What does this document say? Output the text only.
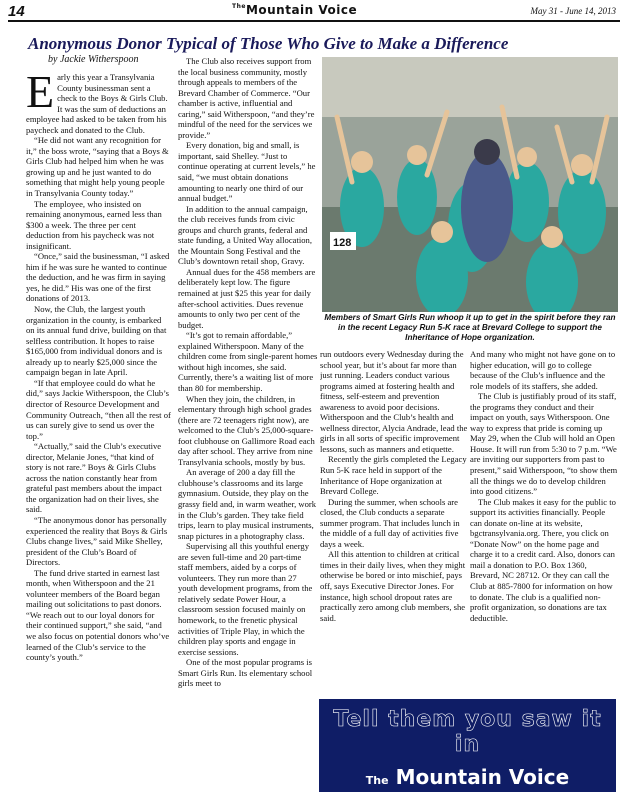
14	$^{The}$Mountain Voice	May 31 - June 14, 2013
Anonymous Donor Typical of Those Who Give to Make a Difference
by Jackie Witherspoon
E arly this year a Transylvania County businessman sent a check to the Boys & Girls Club. It was the sum of deductions an employee had asked to be taken from his paycheck and donated to the Club.

“He did not want any recognition for it,” the boss wrote, “saying that a Boys & Girls Club had helped him when he was growing up and he just wanted to do something that might help young people in Transylvania County today.”

The employee, who insisted on remaining anonymous, earned less than $300 a week. The three per cent deduction from his paycheck was not insignificant.

“Once,” said the businessman, “I asked him if he was sure he wanted to continue the deduction, and he was firm in saying yes, he did.” His was one of the first donations of 2013.

Now, the Club, the largest youth organization in the county, is embarked on its annual fund drive, building on that selfless contribution. It hopes to raise $165,000 from individual donors and is already up to nearly $25,000 since the campaign began in late April.

“If that employee could do what he did,” says Jackie Witherspoon, the Club’s director of Resource Development and Community Outreach, “then all the rest of us can surely give to send us over the top.”

“Actually,” said the Club’s executive director, Melanie Jones, “that kind of story is not rare.” Boys & Girls Clubs across the nation constantly hear from grateful past members about the impact the organization had on their lives, she said.

“The anonymous donor has personally experienced the reality that Boys & Girls Clubs change lives,” said Mike Shelley, president of the Club’s Board of Directors.

The fund drive started in earnest last month, when Witherspoon and the 21 volunteer members of the Board began mailing out solicitations to past donors. “We reach out to our loyal donors for their continued support,” she said, “and we also focus on potential donors who’ve learned of the Club’s service to the county’s youth.”

The Club also receives support from the local business community, mostly through appeals to members of the Brevard Chamber of Commerce. “Our chamber is active, influential and caring,” said Witherspoon, “and they’re mindful of the need for the services we provide.”

Every donation, big and small, is important, said Shelley. “Just to continue operating at current levels,” he said, “we must obtain donations amounting to nearly one third of our annual budget.”

In addition to the annual campaign, the club receives funds from civic groups and church grants, federal and state funding, a United Way allocation, the Mountain Song Festival and the Club’s downtown retail shop, Gravy.

Annual dues for the 458 members are deliberately kept low. The figure remained at just $25 this year for daily after-school activities. Dues revenue amounts to only two per cent of the budget.

“It’s got to remain affordable,” explained Witherspoon. Many of the children come from single-parent homes without high incomes, she said. Currently, there’s a waiting list of more than 80 for membership.

When they join, the children, in elementary through high school grades (there are 72 teenagers right now), are welcomed to the Club’s 25,000-square-foot clubhouse on Gallimore Road each day after school. They arrive from nine Transylvania schools, mostly by bus.

An average of 200 a day fill the clubhouse’s classrooms and its large gymnasium. Outside, they play on the grassy field and, in warm weather, work in the Club’s garden. They take field trips, learn to play musical instruments, snap pictures in a photography class.

Supervising all this youthful energy are seven full-time and 20 part-time staff members, aided by a corps of volunteers. They run more than 27 youth development programs, from the relatively sedate Power Hour, a classroom session focused mainly on homework, to the frenetic physical activities of Triple Play, in which the children play sports and engage in exercise sessions.

One of the most popular programs is Smart Girls Run. Its elementary school girls meet to

128
Members of Smart Girls Run whoop it up to get in the spirit before they ran in the recent Legacy Run 5-K race at Brevard College to support the Inheritance of Hope organization.

run outdoors every Wednesday during the school year, but it’s about far more than just running. Leaders conduct various programs aimed at fostering health and fitness, self-esteem and prevention awareness to avoid poor decisions. Witherspoon and the Club’s health and wellness director, Alycia Andrade, lead the girls in all sorts of specific improvement lessons, such as manners and etiquette.

Recently the girls completed the Legacy Run 5-K race held in support of the Inheritance of Hope organization at Brevard College.

During the summer, when schools are closed, the Club conducts a separate summer program. That includes lunch in the middle of a full day of activities five days a week.

All this attention to children at critical times in their daily lives, when they might otherwise be bored or into mischief, pays off, says Executive Director Jones. For instance, high school dropout rates are practically zero among club members, she said.

And many who might not have gone on to higher education, will go to college because of the Club’s influence and the role models of its staffers, she added.

The Club is justifiably proud of its staff, the programs they conduct and their impact on youth, says Witherspoon. One way to express that pride is coming up May 29, when the Club will hold an Open House. It will run from 5:30 to 7 p.m. “We are inviting our supporters from past to present,” said Witherspoon, “to show them all the things we do to develop children into good citizens.”

The Club makes it easy for the public to support its activities financially. People can donate on-line at its website, bgctransylvania.org. There, you click on “Donate Now” on the home page and charge it to a credit card. Also, donors can mail a donation to P.O. Box 1360, Brevard, NC 28712. Or they can call the Club at 885-7800 for information on how to donate. The club is a qualified non-profit organization, so donations are tax deductible.

Tell them you saw it in
The Mountain Voice
